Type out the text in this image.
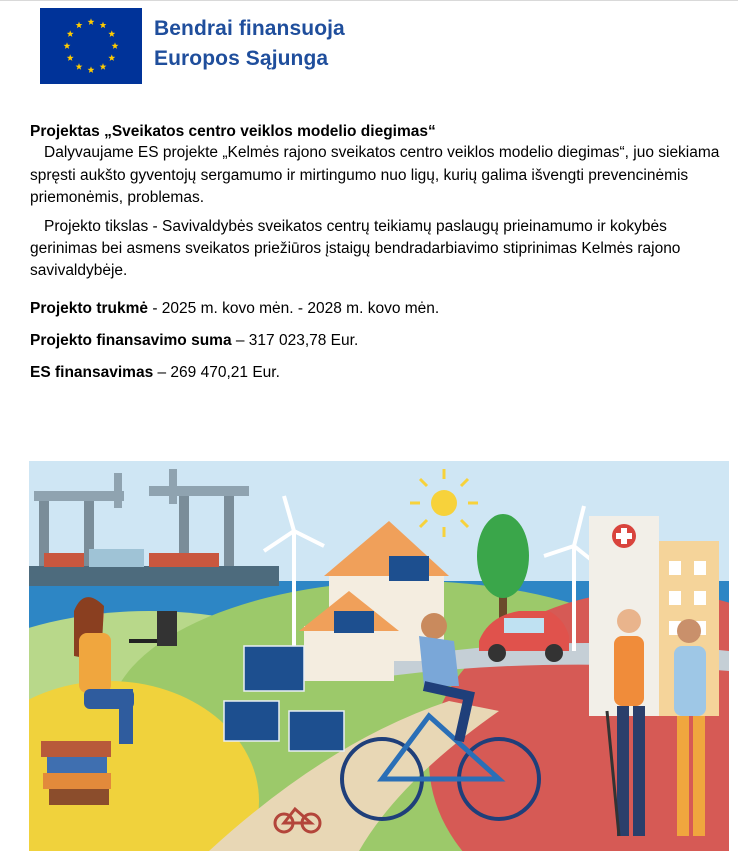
Bendrai finansuoja
Europos Sąjunga

Projektas „Sveikatos centro veiklos modelio diegimas“

Dalyvaujame ES projekte „Kelmės rajono sveikatos centro veiklos modelio diegimas“, juo siekiama spręsti aukšto gyventojų sergamumo ir mirtingumo nuo ligų, kurių galima išvengti prevencinėmis priemonėmis, problemas.

Projekto tikslas - Savivaldybės sveikatos centrų teikiamų paslaugų prieinamumo ir kokybės gerinimas bei asmens sveikatos priežiūros įstaigų bendradarbiavimo stiprinimas Kelmės rajono savivaldybėje.

Projekto trukmė - 2025 m. kovo mėn. - 2028 m. kovo mėn.
Projekto finansavimo suma – 317 023,78 Eur.
ES finansavimas – 269 470,21 Eur.
